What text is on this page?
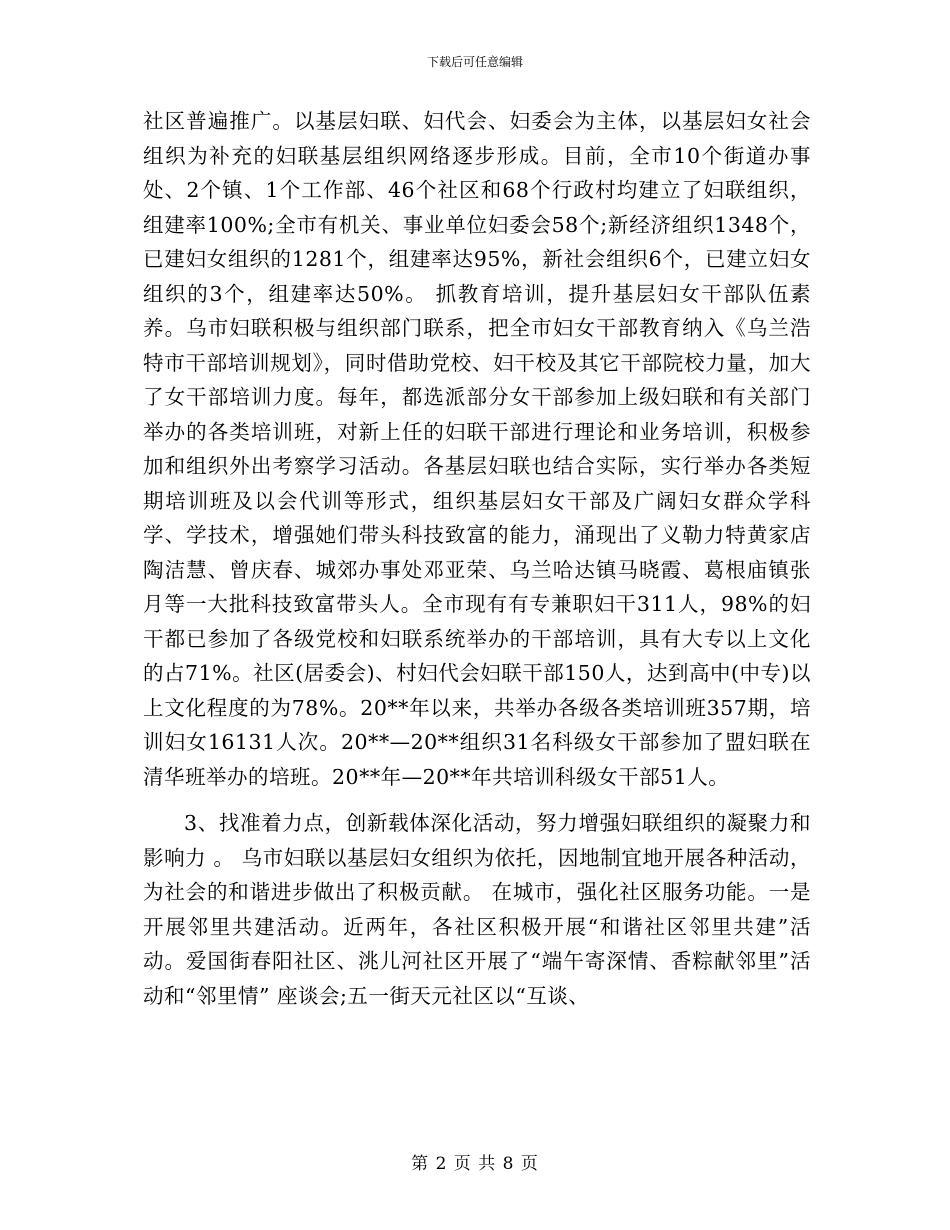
下载后可任意编辑

社区普遍推广。以基层妇联、妇代会、妇委会为主体，以基层妇女社会组织为补充的妇联基层组织网络逐步形成。目前，全市10个街道办事处、2个镇、1个工作部、46个社区和68个行政村均建立了妇联组织，组建率100%;全市有机关、事业单位妇委会58个;新经济组织1348个，已建妇女组织的1281个，组建率达95%，新社会组织6个，已建立妇女组织的3个，组建率达50%。 抓教育培训，提升基层妇女干部队伍素养。乌市妇联积极与组织部门联系，把全市妇女干部教育纳入《乌兰浩特市干部培训规划》，同时借助党校、妇干校及其它干部院校力量，加大了女干部培训力度。每年，都选派部分女干部参加上级妇联和有关部门举办的各类培训班，对新上任的妇联干部进行理论和业务培训，积极参加和组织外出考察学习活动。各基层妇联也结合实际，实行举办各类短期培训班及以会代训等形式，组织基层妇女干部及广阔妇女群众学科学、学技术，增强她们带头科技致富的能力，涌现出了义勒力特黄家店陶洁慧、曾庆春、城郊办事处邓亚荣、乌兰哈达镇马晓霞、葛根庙镇张月等一大批科技致富带头人。全市现有有专兼职妇干311人，98%的妇干都已参加了各级党校和妇联系统举办的干部培训，具有大专以上文化的占71%。社区(居委会)、村妇代会妇联干部150人，达到高中(中专)以上文化程度的为78%。20**年以来，共举办各级各类培训班357期，培训妇女16131人次。20**—20**组织31名科级女干部参加了盟妇联在清华班举办的培班。20**年—20**年共培训科级女干部51人。

3、找准着力点，创新载体深化活动，努力增强妇联组织的凝聚力和影响力 。 乌市妇联以基层妇女组织为依托，因地制宜地开展各种活动，为社会的和谐进步做出了积极贡献。 在城市，强化社区服务功能。一是开展邻里共建活动。近两年，各社区积极开展“和谐社区邻里共建”活动。爱国街春阳社区、洮儿河社区开展了“端午寄深情、香粽献邻里”活动和“邻里情” 座谈会;五一街天元社区以“互谈、

第 2 页 共 8 页
